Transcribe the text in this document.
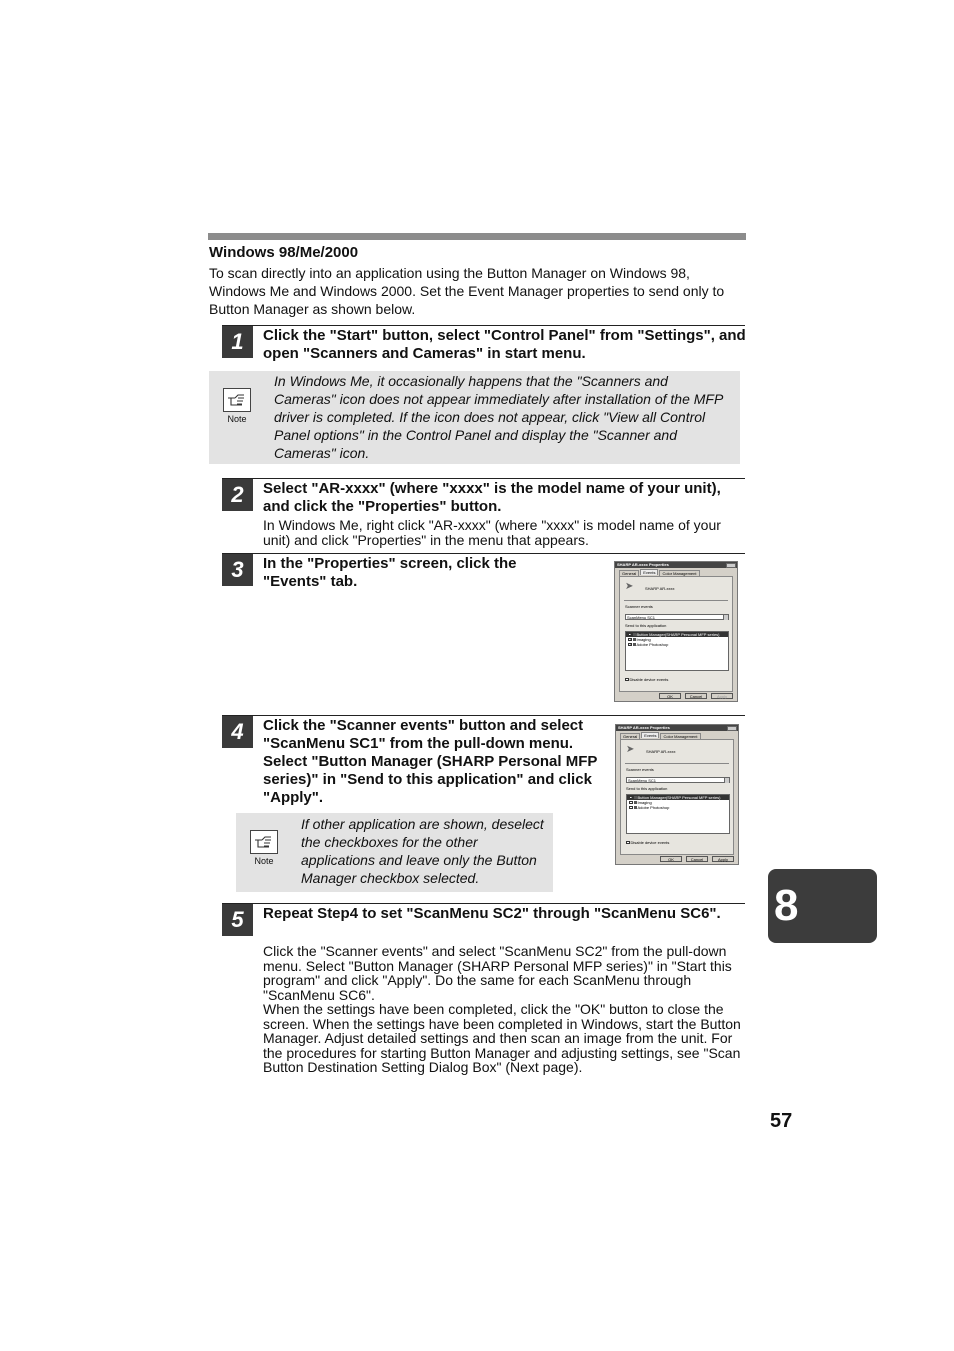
Windows 98/Me/2000
To scan directly into an application using the Button Manager on Windows 98, Windows Me and Windows 2000. Set the Event Manager properties to send only to Button Manager as shown below.
1	Click the "Start" button, select "Control Panel" from "Settings", and open "Scanners and Cameras" in start menu.
Note
In Windows Me, it occasionally happens that the "Scanners and Cameras" icon does not appear immediately after installation of the MFP driver is completed. If the icon does not appear, click "View all Control Panel options" in the Control Panel and display the "Scanner and Cameras" icon.
2	Select "AR-xxxx" (where "xxxx" is the model name of your unit), and click the "Properties" button.
In Windows Me, right click "AR-xxxx" (where "xxxx" is model name of your unit) and click "Properties" in the menu that appears.
3	In the "Properties" screen, click the "Events" tab.
SHARP AR-xxxx Properties
General	Events	Color Management
➤	SHARP AR-xxxx
Scanner events
ScanMenu SC1
Send to this application
✓ Button Manager(SHARP Personal MFP series)
✓ Imaging
✓ Adobe Photoshop
Disable device events
OK	Cancel	Apply
4	Click the "Scanner events" button and select "ScanMenu SC1" from the pull-down menu. Select "Button Manager (SHARP Personal MFP series)" in "Send to this application" and click "Apply".
Note
If other application are shown, deselect the checkboxes for the other applications and leave only the Button Manager checkbox selected.
SHARP AR-xxxx Properties
General	Events	Color Management
➤	SHARP AR-xxxx
Scanner events
ScanMenu SC1
Send to this application
✓ Button Manager(SHARP Personal MFP series)
Imaging
Adobe Photoshop
Disable device events
OK	Cancel	Apply
5	Repeat Step4 to set "ScanMenu SC2" through "ScanMenu SC6".
Click the "Scanner events" and select "ScanMenu SC2" from the pull-down menu. Select "Button Manager (SHARP Personal MFP series)" in "Start this program" and click "Apply". Do the same for each ScanMenu through "ScanMenu SC6".
When the settings have been completed, click the "OK" button to close the screen. When the settings have been completed in Windows, start the Button Manager. Adjust detailed settings and then scan an image from the unit. For the procedures for starting Button Manager and adjusting settings, see "Scan Button Destination Setting Dialog Box" (Next page).
8
57
